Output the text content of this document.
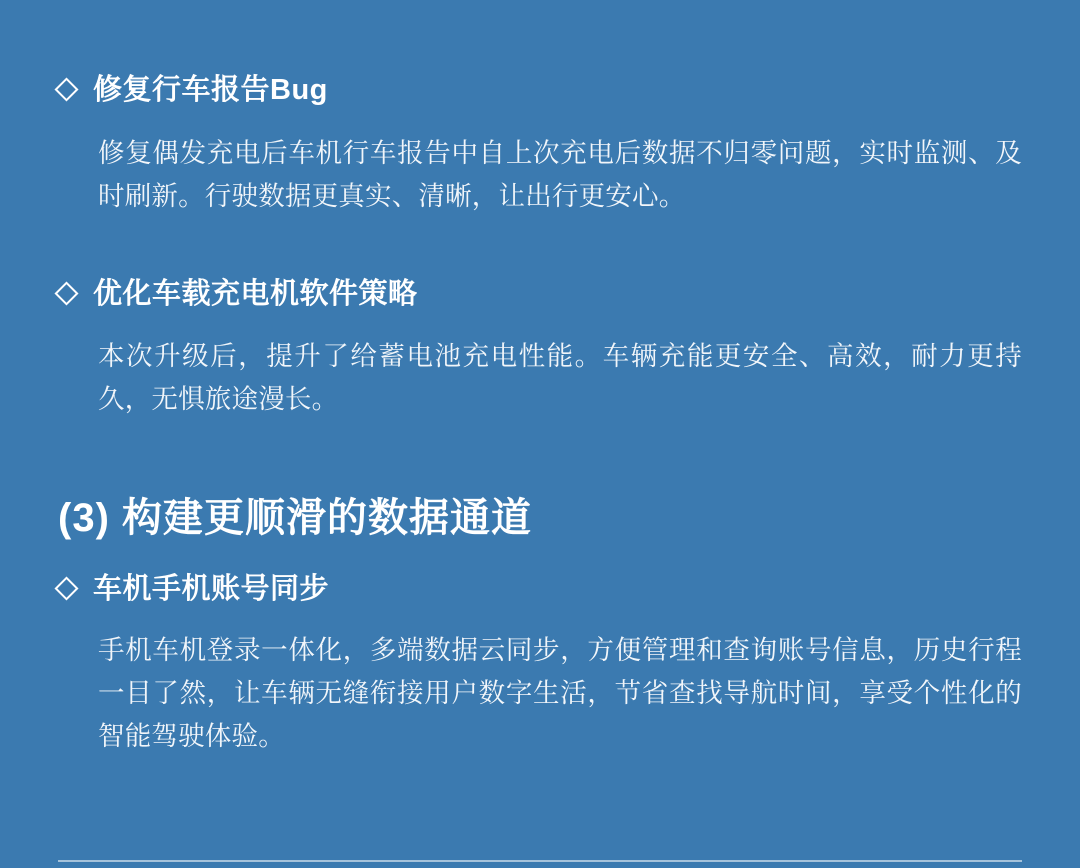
修复行车报告Bug
修复偶发充电后车机行车报告中自上次充电后数据不归零问题，实时监测、及时刷新。行驶数据更真实、清晰，让出行更安心。
优化车载充电机软件策略
本次升级后，提升了给蓄电池充电性能。车辆充能更安全、高效，耐力更持久，无惧旅途漫长。
(3) 构建更顺滑的数据通道
车机手机账号同步
手机车机登录一体化，多端数据云同步，方便管理和查询账号信息，历史行程一目了然，让车辆无缝衔接用户数字生活，节省查找导航时间，享受个性化的智能驾驶体验。
